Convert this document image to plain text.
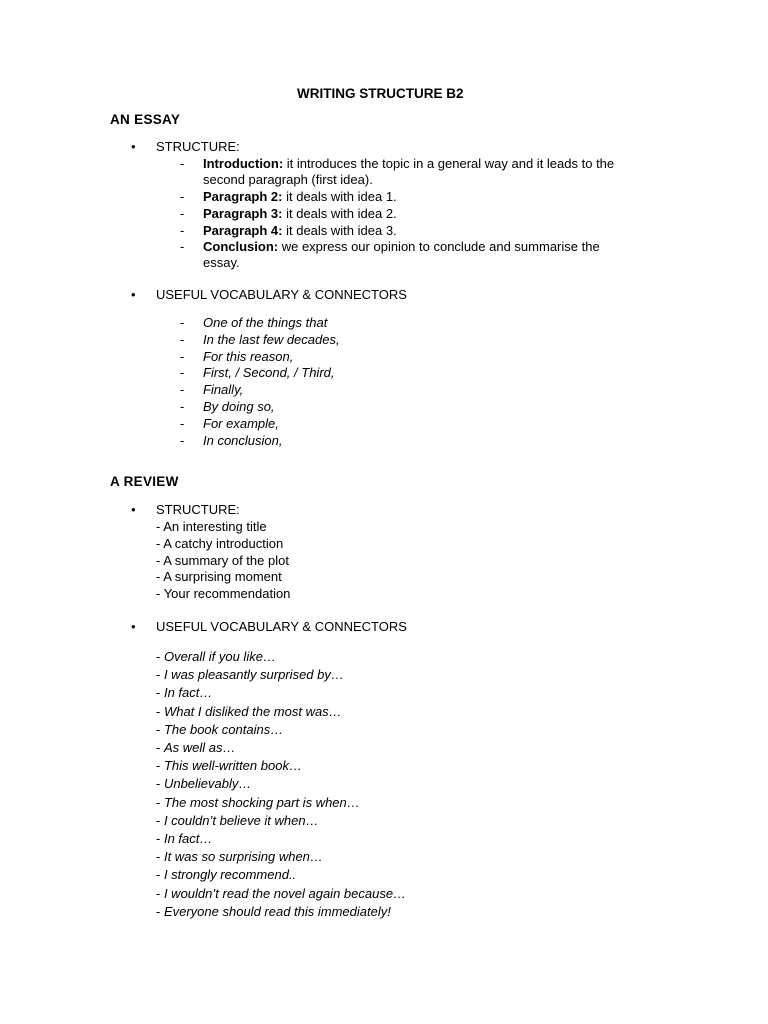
WRITING STRUCTURE B2
AN ESSAY
• STRUCTURE:
- Introduction: it introduces the topic in a general way and it leads to the
second paragraph (first idea).
- Paragraph 2: it deals with idea 1.
- Paragraph 3: it deals with idea 2.
- Paragraph 4: it deals with idea 3.
- Conclusion: we express our opinion to conclude and summarise the
essay.
• USEFUL VOCABULARY & CONNECTORS
- One of the things that
- In the last few decades,
- For this reason,
- First, / Second, / Third,
- Finally,
- By doing so,
- For example,
- In conclusion,
A REVIEW
• STRUCTURE:
- An interesting title
- A catchy introduction
- A summary of the plot
- A surprising moment
- Your recommendation
• USEFUL VOCABULARY & CONNECTORS
- Overall if you like…
- I was pleasantly surprised by…
- In fact…
- What I disliked the most was…
- The book contains…
- As well as…
- This well-written book…
- Unbelievably…
- The most shocking part is when…
- I couldn’t believe it when…
- In fact…
- It was so surprising when…
- I strongly recommend..
- I wouldn’t read the novel again because…
- Everyone should read this immediately!
